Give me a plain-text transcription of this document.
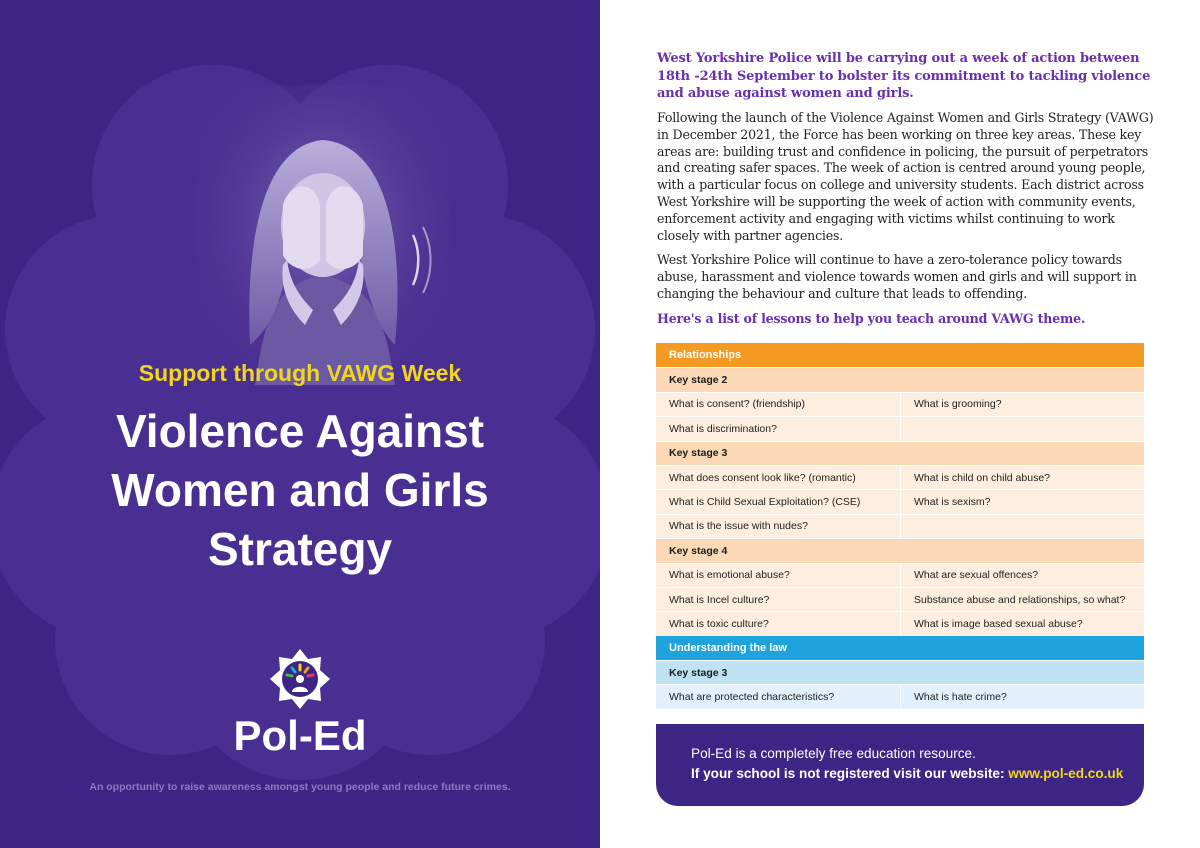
Support through VAWG Week
Violence Against
Women and Girls
Strategy
Pol-Ed
An opportunity to raise awareness amongst young people and reduce future crimes.
West Yorkshire Police will be carrying out a week of action between 18th -24th September to bolster its commitment to tackling violence and abuse against women and girls.
Following the launch of the Violence Against Women and Girls Strategy (VAWG) in December 2021, the Force has been working on three key areas. These key areas are: building trust and confidence in policing, the pursuit of perpetrators and creating safer spaces. The week of action is centred around young people, with a particular focus on college and university students. Each district across West Yorkshire will be supporting the week of action with community events, enforcement activity and engaging with victims whilst continuing to work closely with partner agencies.
West Yorkshire Police will continue to have a zero-tolerance policy towards abuse, harassment and violence towards women and girls and will support in changing the behaviour and culture that leads to offending.
Here's a list of lessons to help you teach around VAWG theme.
Relationships
Key stage 2
What is consent? (friendship)	What is grooming?
What is discrimination?
Key stage 3
What does consent look like? (romantic)	What is child on child abuse?
What is Child Sexual Exploitation? (CSE)	What is sexism?
What is the issue with nudes?
Key stage 4
What is emotional abuse?	What are sexual offences?
What is Incel culture?	Substance abuse and relationships, so what?
What is toxic culture?	What is image based sexual abuse?
Understanding the law
Key stage 3
What are protected characteristics?	What is hate crime?
Pol-Ed is a completely free education resource.
If your school is not registered visit our website: www.pol-ed.co.uk
